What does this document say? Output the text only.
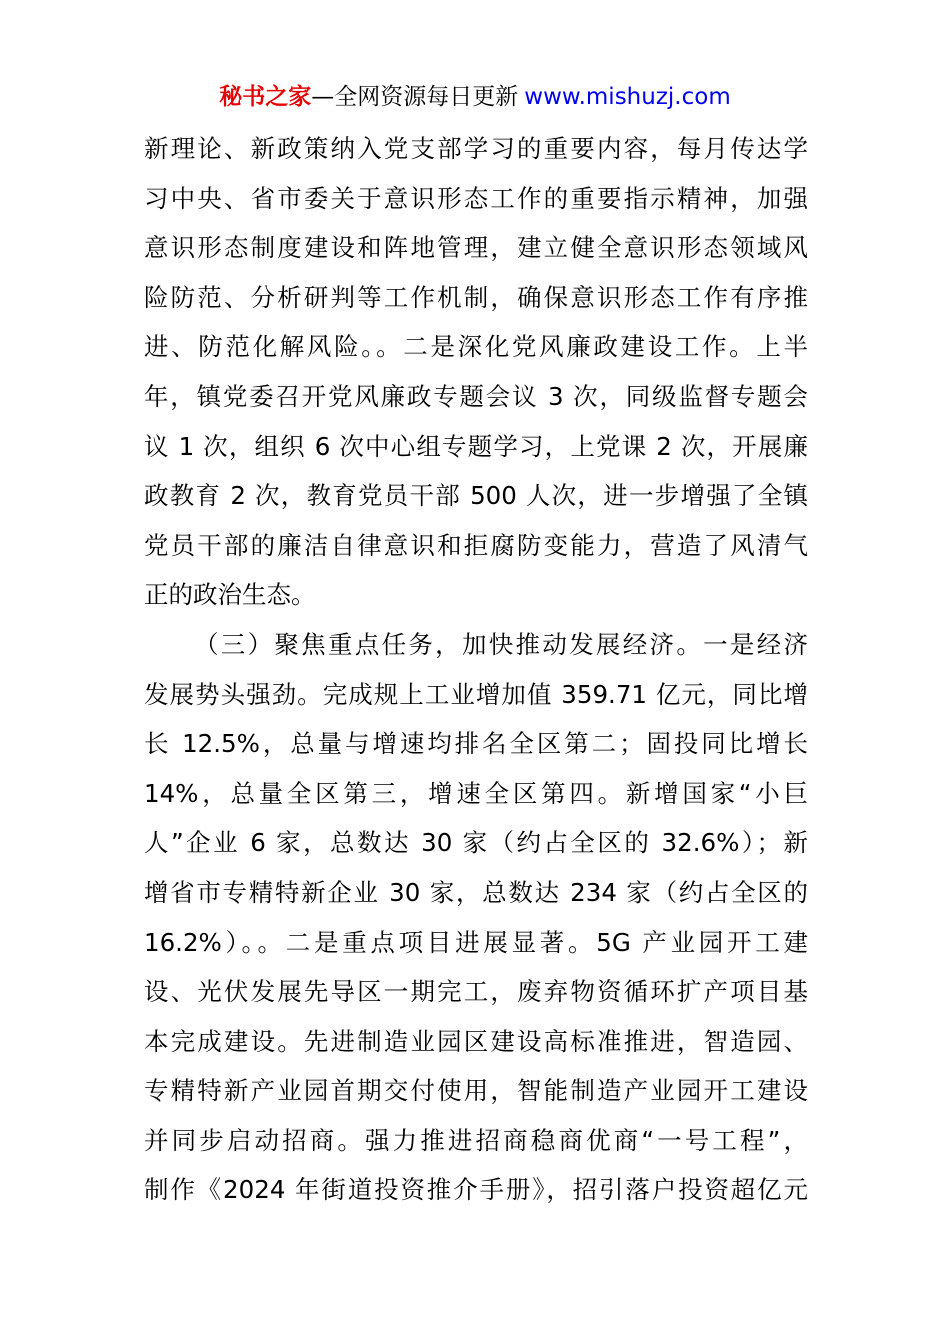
秘书之家—全网资源每日更新 www.mishuzj.com
新理论、新政策纳入党支部学习的重要内容，每月传达学
习中央、省市委关于意识形态工作的重要指示精神，加强
意识形态制度建设和阵地管理，建立健全意识形态领域风
险防范、分析研判等工作机制，确保意识形态工作有序推
进、防范化解风险。。二是深化党风廉政建设工作。上半
年，镇党委召开党风廉政专题会议 3 次，同级监督专题会
议 1 次，组织 6 次中心组专题学习，上党课 2 次，开展廉
政教育 2 次，教育党员干部 500 人次，进一步增强了全镇
党员干部的廉洁自律意识和拒腐防变能力，营造了风清气
正的政治生态。
（三）聚焦重点任务，加快推动发展经济。一是经济
发展势头强劲。完成规上工业增加值 359.71 亿元，同比增
长 12.5%，总量与增速均排名全区第二；固投同比增长
14%，总量全区第三，增速全区第四。新增国家“小巨
人”企业 6 家，总数达 30 家（约占全区的 32.6%）；新
增省市专精特新企业 30 家，总数达 234 家（约占全区的
16.2%）。。二是重点项目进展显著。5G 产业园开工建
设、光伏发展先导区一期完工，废弃物资循环扩产项目基
本完成建设。先进制造业园区建设高标准推进，智造园、
专精特新产业园首期交付使用，智能制造产业园开工建设
并同步启动招商。强力推进招商稳商优商“一号工程”，
制作《2024 年街道投资推介手册》，招引落户投资超亿元
